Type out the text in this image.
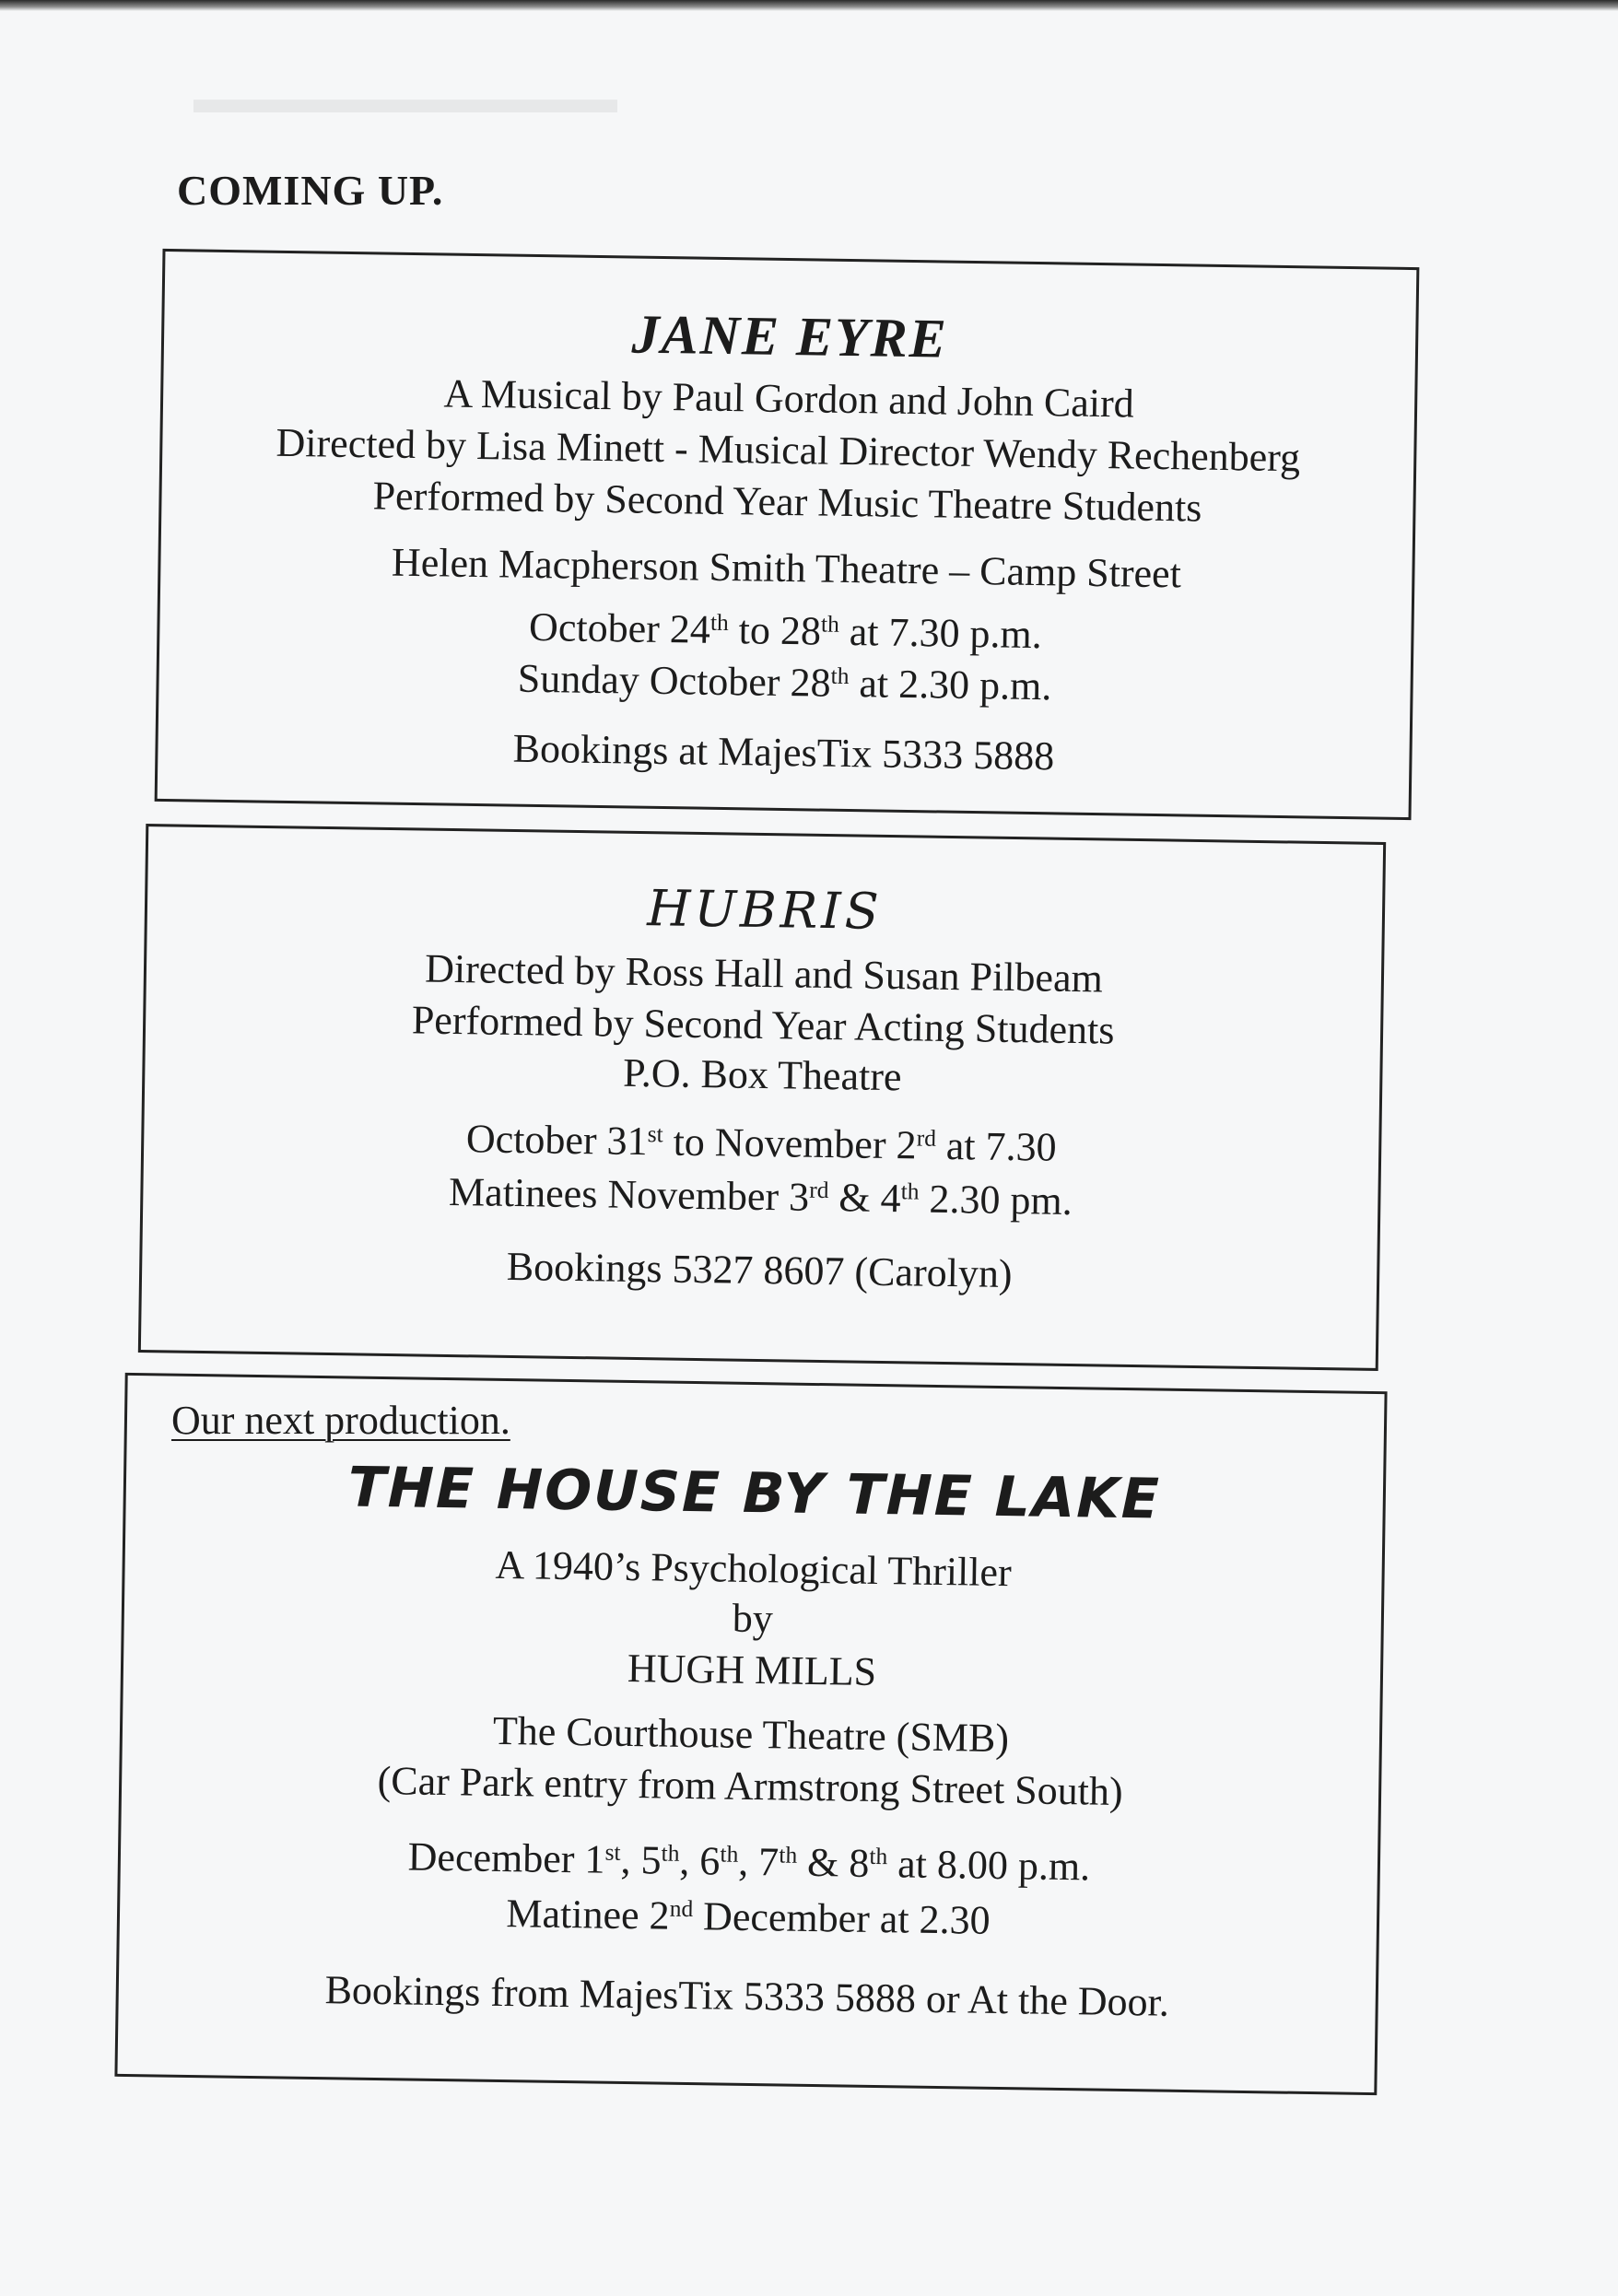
▬▬▬▬▬▬▬▬▬▬
COMING UP.
JANE EYRE
A Musical by Paul Gordon and John Caird
Directed by Lisa Minett - Musical Director Wendy Rechenberg
Performed by Second Year Music Theatre Students
Helen Macpherson Smith Theatre – Camp Street
October 24th to 28th at 7.30 p.m.
Sunday October 28th at 2.30 p.m.
Bookings at MajesTix 5333 5888
HUBRIS
Directed by Ross Hall and Susan Pilbeam
Performed by Second Year Acting Students
P.O. Box Theatre
October 31st to November 2rd at 7.30
Matinees November 3rd & 4th 2.30 pm.
Bookings 5327 8607 (Carolyn)
THE HOUSE BY THE LAKE
A 1940’s Psychological Thriller
by
HUGH MILLS
The Courthouse Theatre (SMB)
(Car Park entry from Armstrong Street South)
December 1st, 5th, 6th, 7th & 8th at 8.00 p.m.
Matinee 2nd December at 2.30
Bookings from MajesTix 5333 5888 or At the Door.
Our next production.
